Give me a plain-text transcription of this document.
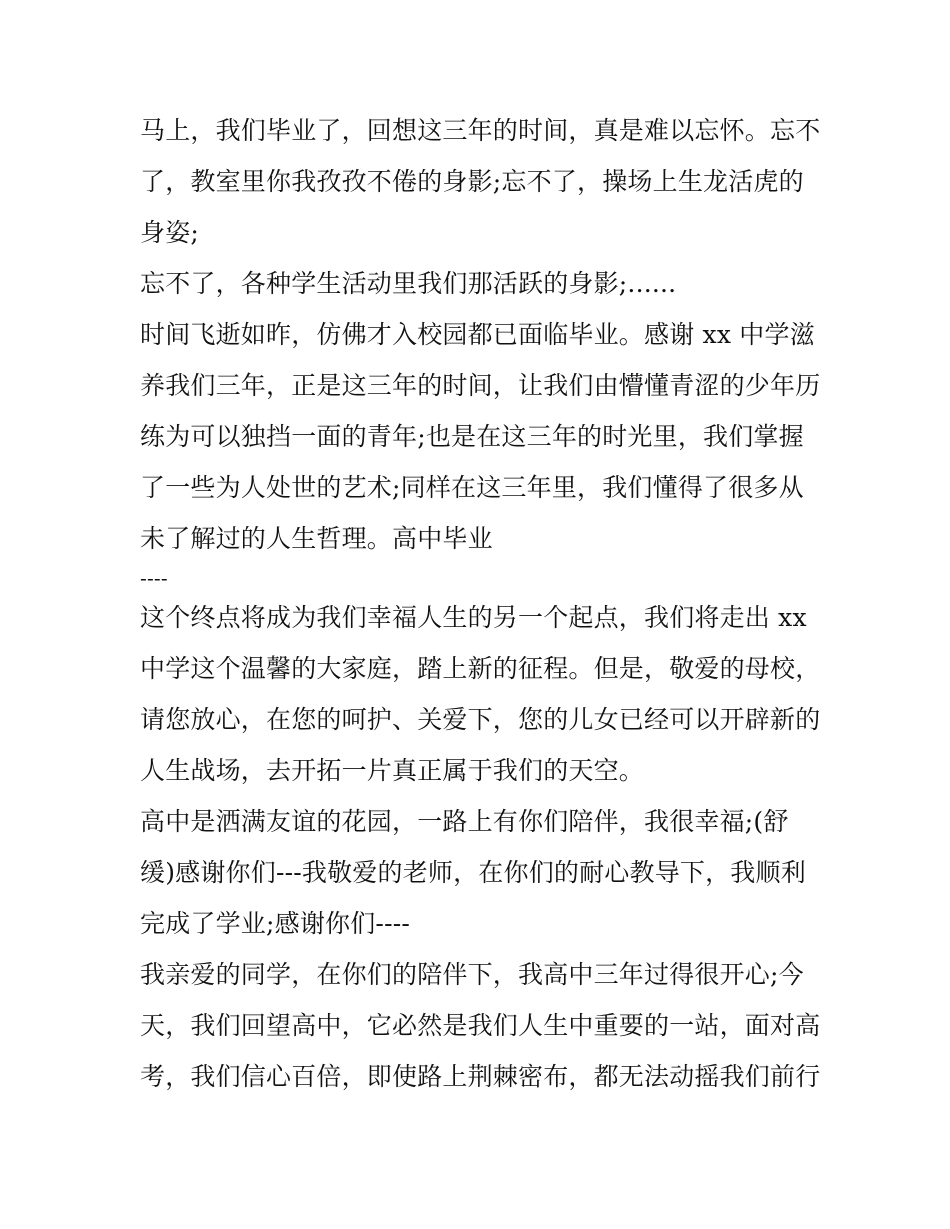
马上，我们毕业了，回想这三年的时间，真是难以忘怀。忘不
了，教室里你我孜孜不倦的身影;忘不了，操场上生龙活虎的
身姿;
忘不了，各种学生活动里我们那活跃的身影;......
时间飞逝如昨，仿佛才入校园都已面临毕业。感谢 xx 中学滋
养我们三年，正是这三年的时间，让我们由懵懂青涩的少年历
练为可以独挡一面的青年;也是在这三年的时光里，我们掌握
了一些为人处世的艺术;同样在这三年里，我们懂得了很多从
未了解过的人生哲理。高中毕业
----
这个终点将成为我们幸福人生的另一个起点，我们将走出 xx
中学这个温馨的大家庭，踏上新的征程。但是，敬爱的母校，
请您放心，在您的呵护、关爱下，您的儿女已经可以开辟新的
人生战场，去开拓一片真正属于我们的天空。
高中是洒满友谊的花园，一路上有你们陪伴，我很幸福;(舒
缓)感谢你们---我敬爱的老师，在你们的耐心教导下，我顺利
完成了学业;感谢你们----
我亲爱的同学，在你们的陪伴下，我高中三年过得很开心;今
天，我们回望高中，它必然是我们人生中重要的一站，面对高
考，我们信心百倍，即使路上荆棘密布，都无法动摇我们前行
